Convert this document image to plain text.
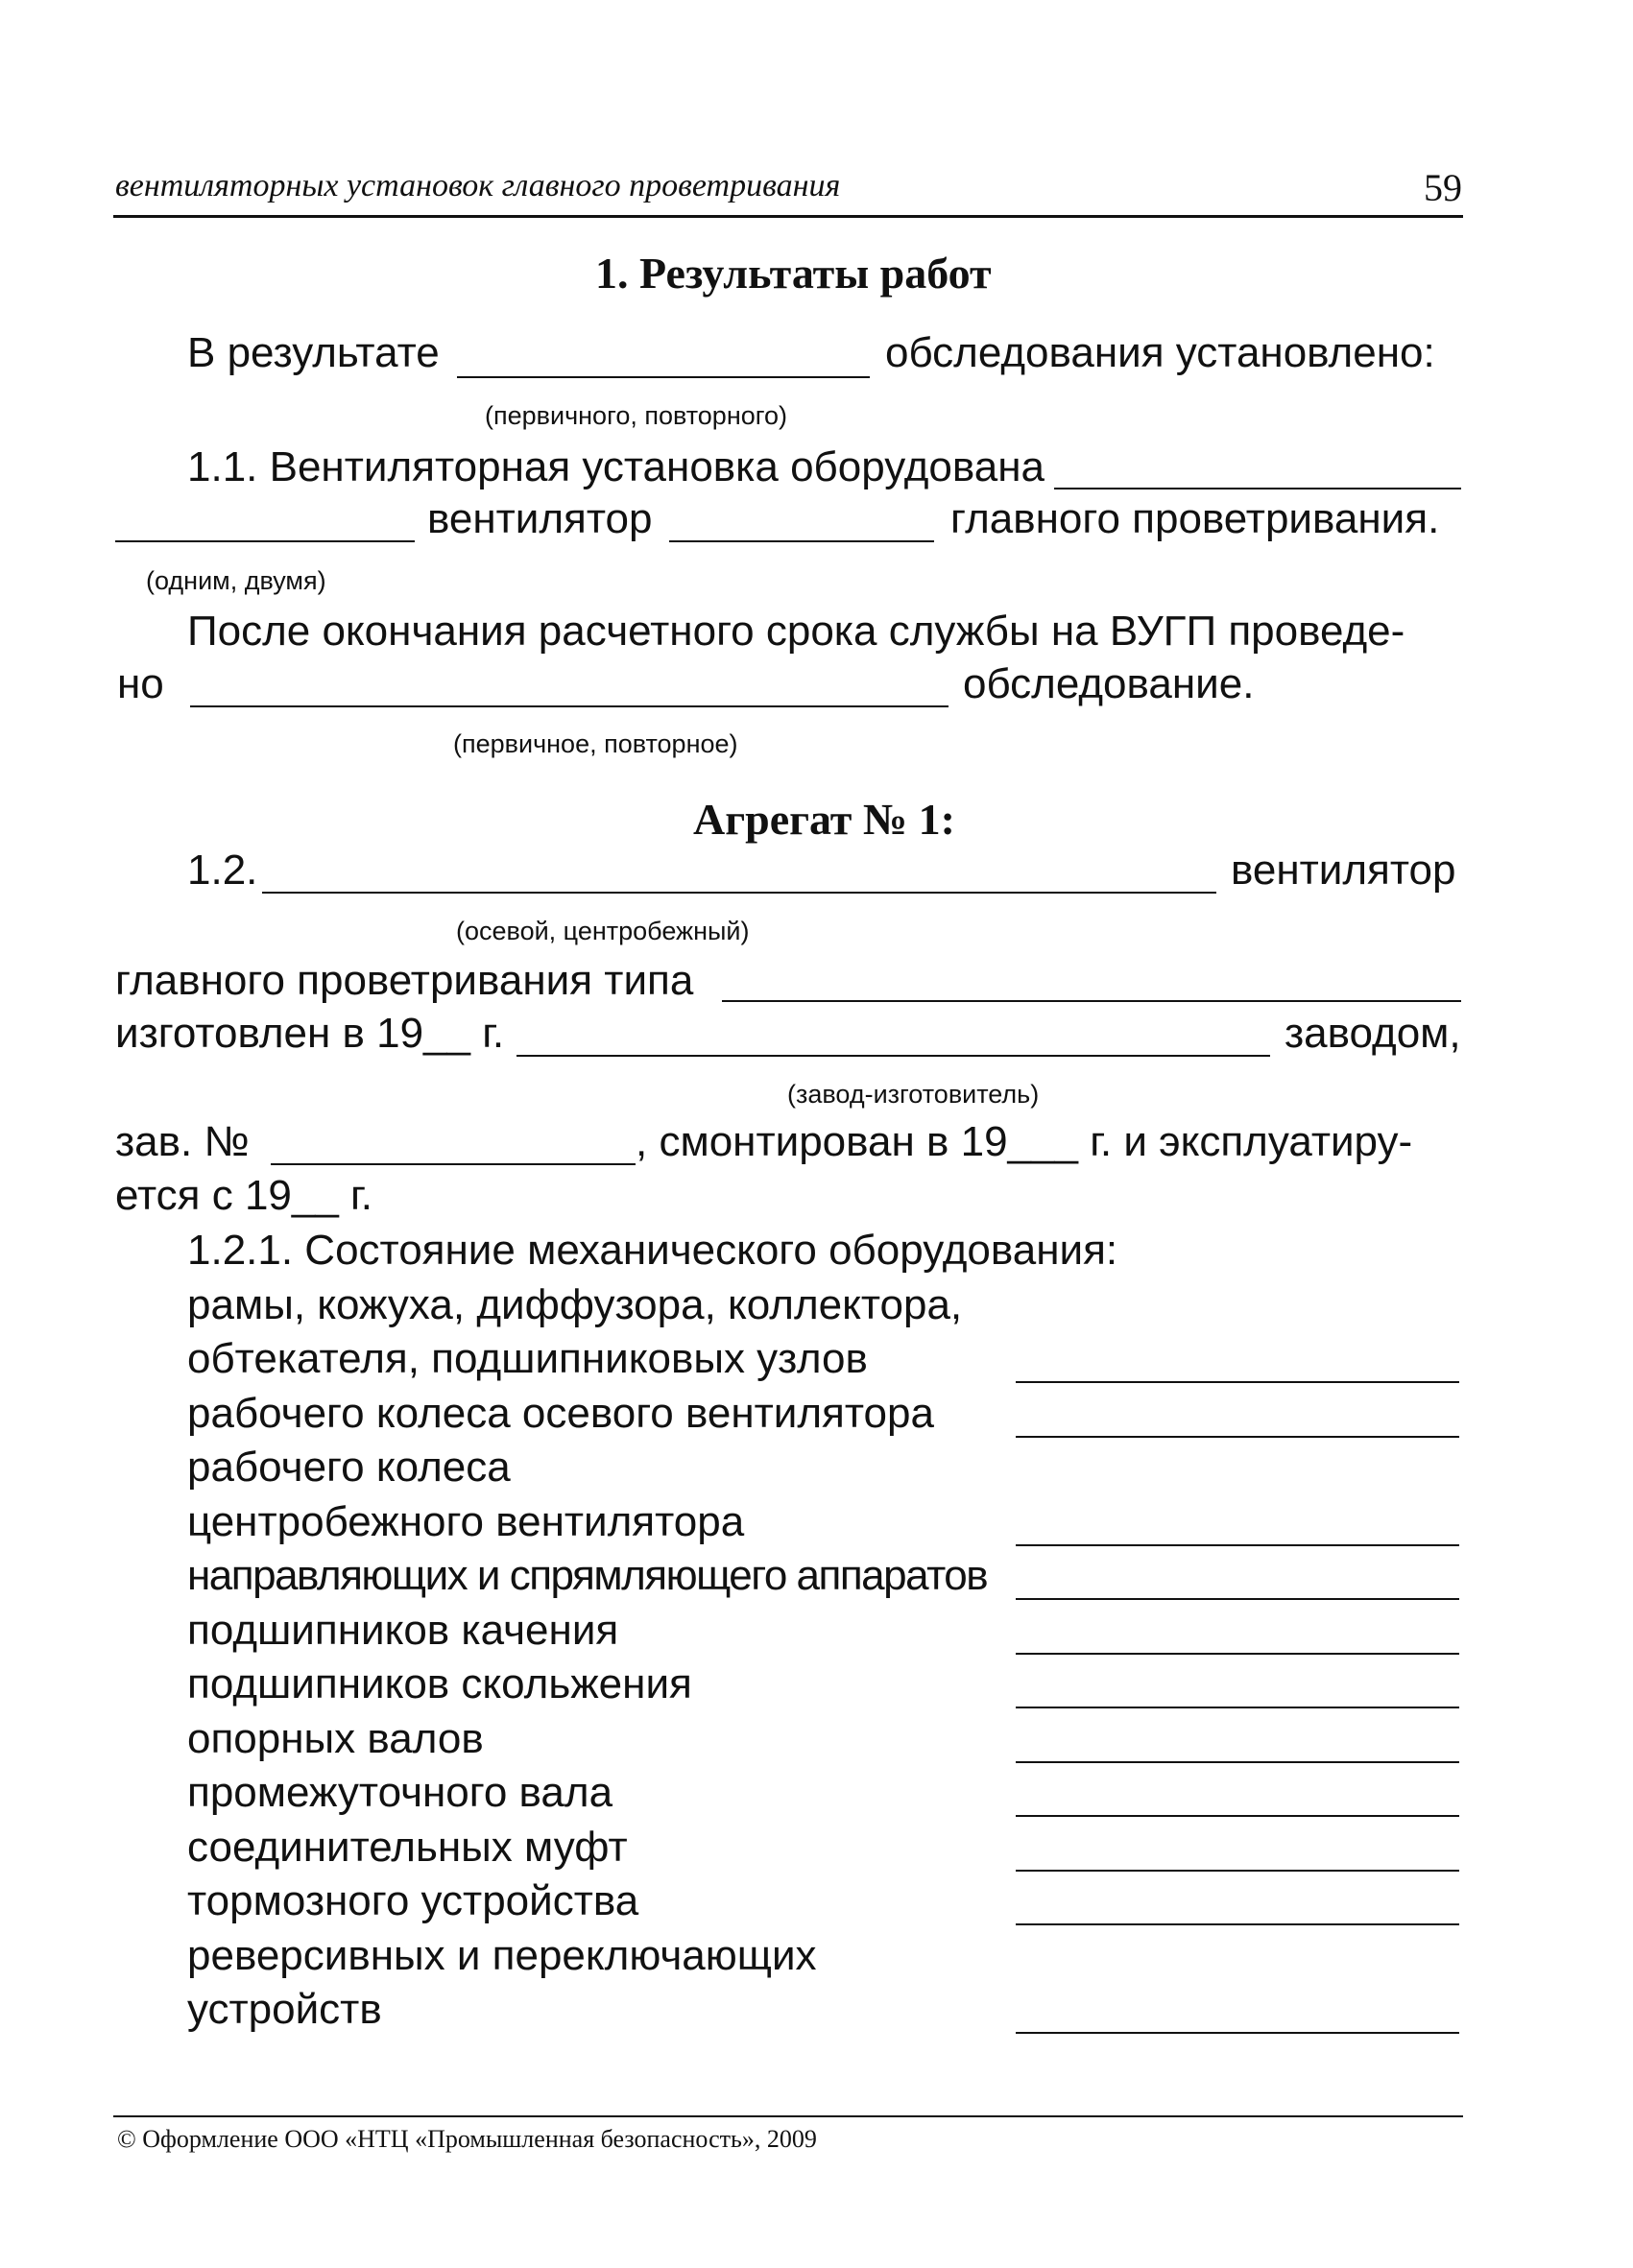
вентиляторных установок главного проветривания	59
1. Результаты работ
В результате	обследования установлено:
(первичного, повторного)
1.1. Вентиляторная установка оборудована
вентилятор	главного проветривания.
(одним, двумя)
После окончания расчетного срока службы на ВУГП проведе-
но	обследование.
(первичное, повторное)
Агрегат № 1:
1.2.	вентилятор
(осевой, центробежный)
главного проветривания типа
изготовлен в 19__ г.	заводом,
(завод-изготовитель)
зав. №	, смонтирован в 19___ г. и эксплуатиру-
ется с 19__ г.
1.2.1. Состояние механического оборудования:
рамы, кожуха, диффузора, коллектора,
обтекателя, подшипниковых узлов
рабочего колеса осевого вентилятора
рабочего колеса
центробежного вентилятора
направляющих и спрямляющего аппаратов
подшипников качения
подшипников скольжения
опорных валов
промежуточного вала
соединительных муфт
тормозного устройства
реверсивных и переключающих
устройств
© Оформление ООО «НТЦ «Промышленная безопасность», 2009
